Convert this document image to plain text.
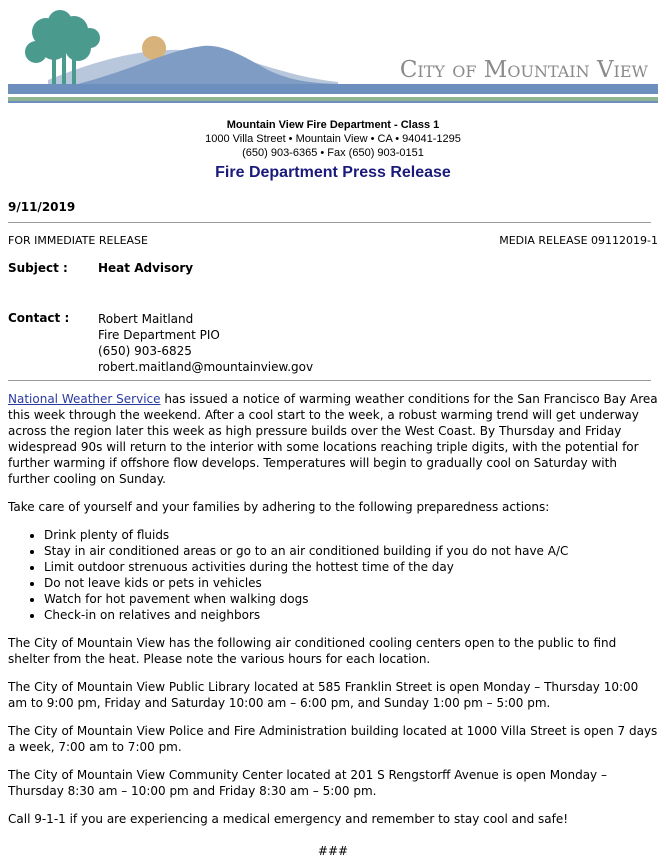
City of Mountain View
Mountain View Fire Department - Class 1
1000 Villa Street • Mountain View • CA • 94041-1295
(650) 903-6365 • Fax (650) 903-0151
Fire Department Press Release
9/11/2019
FOR IMMEDIATE RELEASE	MEDIA RELEASE 09112019-1
Subject :	Heat Advisory
Contact : Robert Maitland
Fire Department PIO
(650) 903-6825
robert.maitland@mountainview.gov

National Weather Service has issued a notice of warming weather conditions for the San Francisco Bay Area this week through the weekend. After a cool start to the week, a robust warming trend will get underway across the region later this week as high pressure builds over the West Coast. By Thursday and Friday widespread 90s will return to the interior with some locations reaching triple digits, with the potential for further warming if offshore flow develops. Temperatures will begin to gradually cool on Saturday with further cooling on Sunday.

Take care of yourself and your families by adhering to the following preparedness actions:

• Drink plenty of fluids
• Stay in air conditioned areas or go to an air conditioned building if you do not have A/C
• Limit outdoor strenuous activities during the hottest time of the day
• Do not leave kids or pets in vehicles
• Watch for hot pavement when walking dogs
• Check-in on relatives and neighbors

The City of Mountain View has the following air conditioned cooling centers open to the public to find shelter from the heat. Please note the various hours for each location.

The City of Mountain View Public Library located at 585 Franklin Street is open Monday – Thursday 10:00 am to 9:00 pm, Friday and Saturday 10:00 am – 6:00 pm, and Sunday 1:00 pm – 5:00 pm.

The City of Mountain View Police and Fire Administration building located at 1000 Villa Street is open 7 days a week, 7:00 am to 7:00 pm.

The City of Mountain View Community Center located at 201 S Rengstorff Avenue is open Monday – Thursday 8:30 am – 10:00 pm and Friday 8:30 am – 5:00 pm.

Call 9-1-1 if you are experiencing a medical emergency and remember to stay cool and safe!

###
